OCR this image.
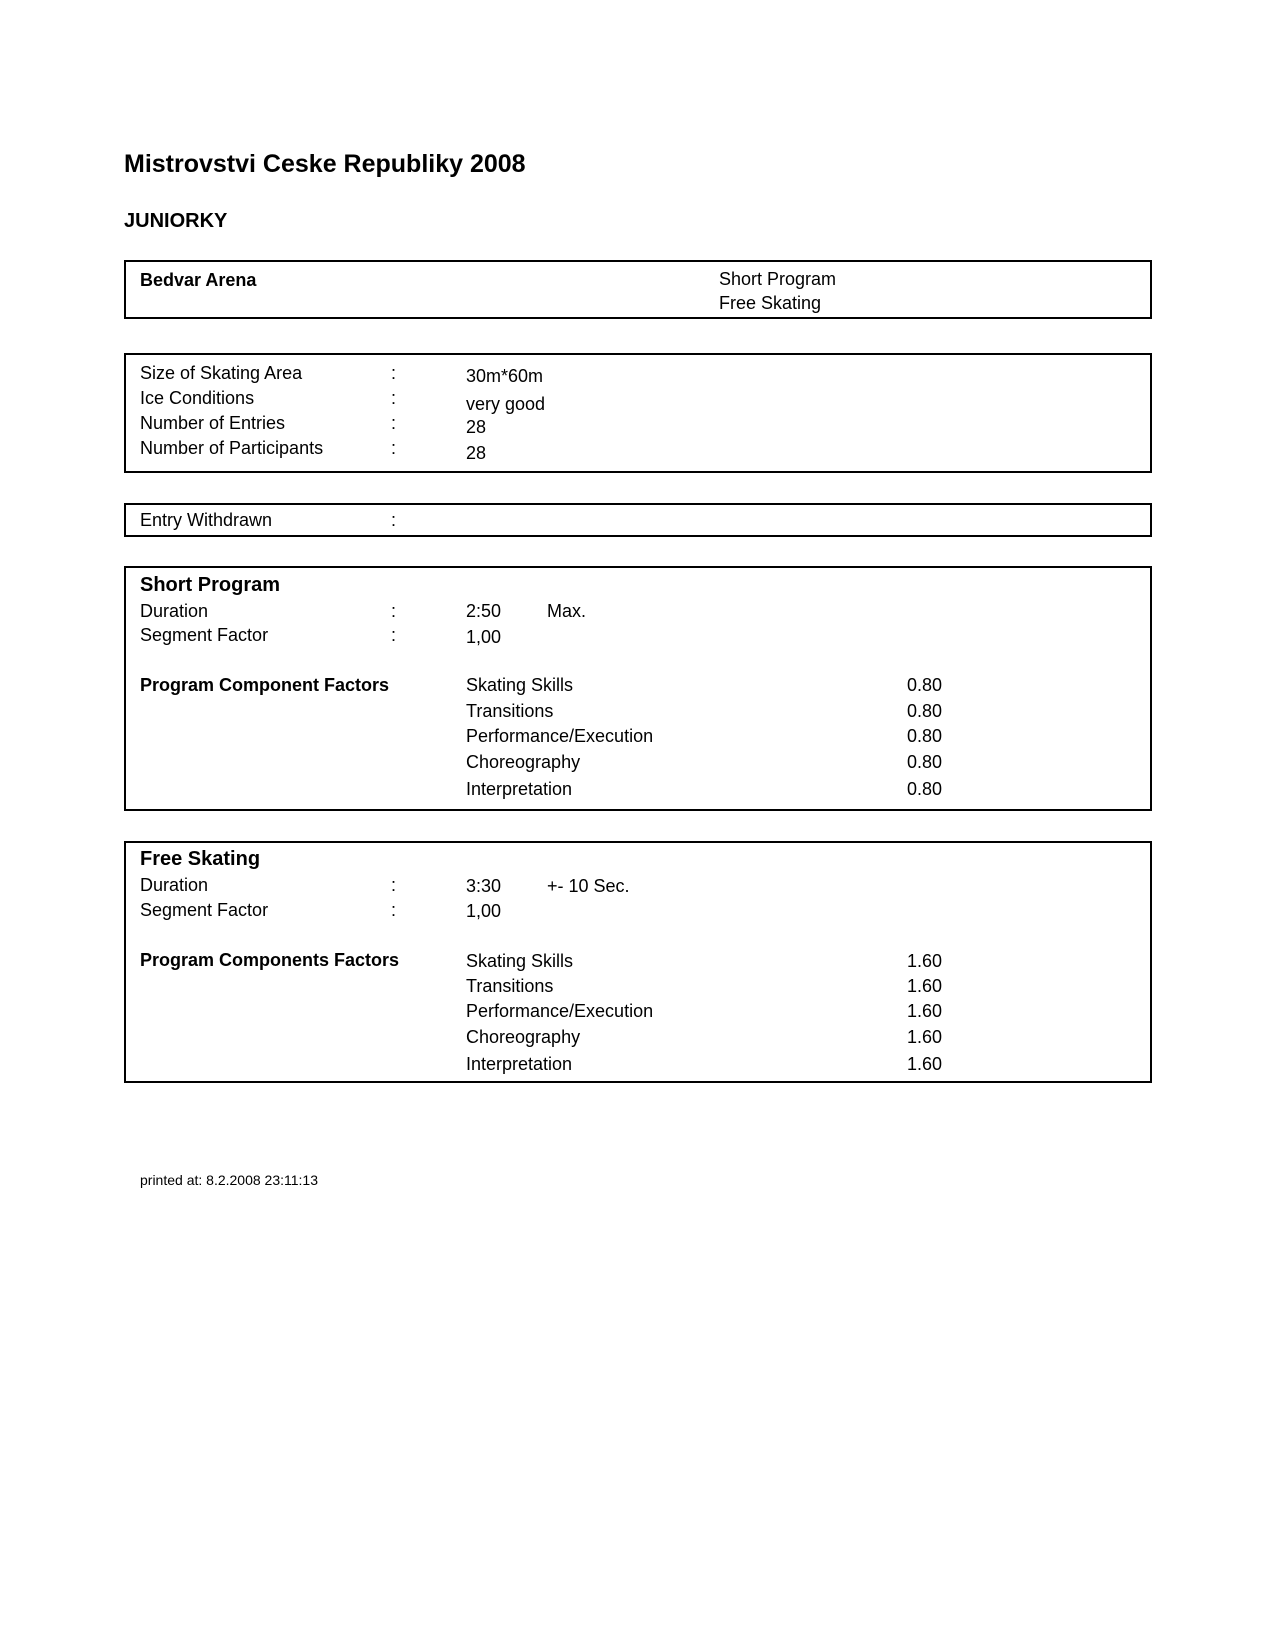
Mistrovstvi Ceske Republiky 2008
JUNIORKY
Bedvar Arena	Short Program
Free Skating
Size of Skating Area	:	30m*60m
Ice Conditions	:	very good
Number of Entries	:	28
Number of Participants	:	28
Entry Withdrawn	:
Short Program
Duration	:	2:50	Max.
Segment Factor	:	1,00
Program Component Factors	Skating Skills	0.80
Transitions	0.80
Performance/Execution	0.80
Choreography	0.80
Interpretation	0.80
Free Skating
Duration	:	3:30	+- 10 Sec.
Segment Factor	:	1,00
Program Components Factors	Skating Skills	1.60
Transitions	1.60
Performance/Execution	1.60
Choreography	1.60
Interpretation	1.60
printed at: 8.2.2008 23:11:13
